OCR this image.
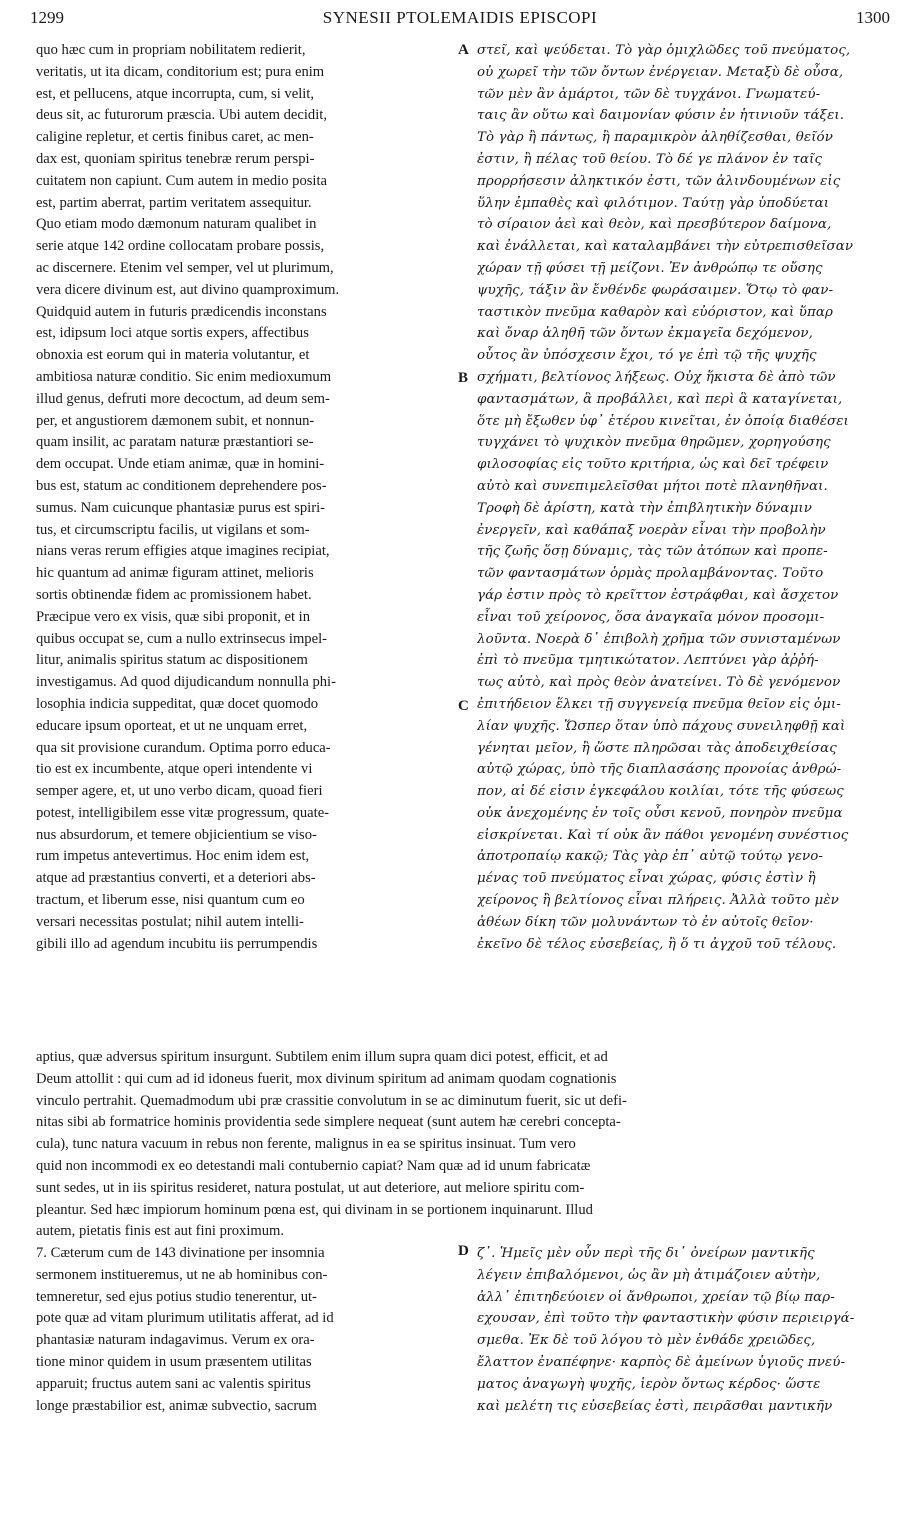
1299	SYNESII PTOLEMAIDIS EPISCOPI	1300
quo hæc cum in propriam nobilitatem redierit,
veritatis, ut ita dicam, conditorium est; pura enim
est, et pellucens, atque incorrupta, cum, si velit,
deus sit, ac futurorum præscia. Ubi autem decidit,
caligine repletur, et certis finibus caret, ac men-
dax est, quoniam spiritus tenebræ rerum perspi-
cuitatem non capiunt. Cum autem in medio posita
est, partim aberrat, partim veritatem assequitur.
Quo etiam modo dæmonum naturam qualibet in
serie atque 142 ordine collocatam probare possis,
ac discernere. Etenim vel semper, vel ut plurimum,
vera dicere divinum est, aut divino quamproximum.
Quidquid autem in futuris prædicendis inconstans
est, idipsum loci atque sortis expers, affectibus
obnoxia est eorum qui in materia volutantur, et
ambitiosa naturæ conditio. Sic enim medioxumum
illud genus, defruti more decoctum, ad deum sem-
per, et angustiorem dæmonem subit, et nonnun-
quam insilit, ac paratam naturæ præstantiori se-
dem occupat. Unde etiam animæ, quæ in homini-
bus est, statum ac conditionem deprehendere pos-
sumus. Nam cuicunque phantasiæ purus est spiri-
tus, et circumscriptu facilis, ut vigilans et som-
nians veras rerum effigies atque imagines recipiat,
hic quantum ad animæ figuram attinet, melioris
sortis obtinendæ fidem ac promissionem habet.
Præcipue vero ex visis, quæ sibi proponit, et in
quibus occupat se, cum a nullo extrinsecus impel-
litur, animalis spiritus statum ac dispositionem
investigamus. Ad quod dijudicandum nonnulla phi-
losophia indicia suppeditat, quæ docet quomodo
educare ipsum oporteat, et ut ne unquam erret,
qua sit provisione curandum. Optima porro educa-
tio est ex incumbente, atque operi intendente vi
semper agere, et, ut uno verbo dicam, quoad fieri
potest, intelligibilem esse vitæ progressum, quate-
nus absurdorum, et temere objicientium se viso-
rum impetus antevertimus. Hoc enim idem est,
atque ad præstantius converti, et a deteriori abs-
tractum, et liberum esse, nisi quantum cum eo
versari necessitas postulat; nihil autem intelli-
gibili illo ad agendum incubitu iis perrumpendis
στεῖ, καὶ ψεύδεται. Τὸ γὰρ ὁμιχλῶδες τοῦ πνεύματος,
οὐ χωρεῖ τὴν τῶν ὄντων ἐνέργειαν. Μεταξὺ δὲ οὖσα,
τῶν μὲν ἂν ἁμάρτοι, τῶν δὲ τυγχάνοι. Γνωματεύ-
ταις ἂν οὕτω καὶ δαιμονίαν φύσιν ἐν ἡτινιοῦν τάξει.
Τὸ γὰρ ἢ πάντως, ἢ παραμικρὸν ἀληθίζεσθαι, θεῖόν
ἐστιν, ἢ πέλας τοῦ θείου. Τὸ δέ γε πλάνον ἐν ταῖς
προρρήσεσιν ἀληκτικόν ἐστι, τῶν ἀλινδουμένων εἰς
ὕλην ἐμπαθὲς καὶ φιλότιμον. Ταύτῃ γὰρ ὑποδύεται
τὸ σίραιον ἀεὶ καὶ θεὸν, καὶ πρεσβύτερον δαίμονα,
καὶ ἐνάλλεται, καὶ καταλαμβάνει τὴν εὐτρεπισθεῖσαν
χώραν τῇ φύσει τῇ μείζονι. Ἐν ἀνθρώπῳ τε οὔσης
ψυχῆς, τάξιν ἂν ἔνθένδε φωράσαιμεν. Ὅτῳ τὸ φαν-
ταστικὸν πνεῦμα καθαρὸν καὶ εὐόριστον, καὶ ὕπαρ
καὶ ὄναρ ἀληθῆ τῶν ὄντων ἐκμαγεῖα δεχόμενον,
οὗτος ἂν ὑπόσχεσιν ἔχοι, τό γε ἐπὶ τῷ τῆς ψυχῆς
σχήματι, βελτίονος λήξεως. Οὐχ ἥκιστα δὲ ἀπὸ τῶν
φαντασμάτων, ἃ προβάλλει, καὶ περὶ ἃ καταγίνεται,
ὅτε μὴ ἔξωθεν ὑφ᾽ ἑτέρου κινεῖται, ἐν ὁποίᾳ διαθέσει
τυγχάνει τὸ ψυχικὸν πνεῦμα θηρῶμεν, χορηγούσης
φιλοσοφίας εἰς τοῦτο κριτήρια, ὡς καὶ δεῖ τρέφειν
αὐτὸ καὶ συνεπιμελεῖσθαι μήτοι ποτὲ πλανηθῆναι.
Τροφὴ δὲ ἀρίστη, κατὰ τὴν ἐπιβλητικὴν δύναμιν
ἐνεργεῖν, καὶ καθάπαξ νοερὰν εἶναι τὴν προβολὴν
τῆς ζωῆς ὅσῃ δύναμις, τὰς τῶν ἀτόπων καὶ προπε-
τῶν φαντασμάτων ὁρμὰς προλαμβάνοντας. Τοῦτο
γάρ ἐστιν πρὸς τὸ κρεῖττον ἐστράφθαι, καὶ ἄσχετον
εἶναι τοῦ χείρονος, ὅσα ἀναγκαῖα μόνον προσομι-
λοῦντα. Νοερὰ δ᾽ ἐπιβολὴ χρῆμα τῶν συνισταμένων
ἐπὶ τὸ πνεῦμα τμητικώτατον. Λεπτύνει γὰρ ἀῤῥή-
τως αὐτὸ, καὶ πρὸς θεὸν ἀνατείνει. Τὸ δὲ γενόμενον
ἐπιτήδειον ἕλκει τῇ συγγενείᾳ πνεῦμα θεῖον εἰς ὁμι-
λίαν ψυχῆς. Ὥσπερ ὅταν ὑπὸ πάχους συνειληφθῇ καὶ
γένηται μεῖον, ἢ ὥστε πληρῶσαι τὰς ἀποδειχθείσας
αὐτῷ χώρας, ὑπὸ τῆς διαπλασάσης προνοίας ἀνθρώ-
πον, αἱ δέ εἰσιν ἐγκεφάλου κοιλίαι, τότε τῆς φύσεως
οὐκ ἀνεχομένης ἐν τοῖς οὖσι κενοῦ, πονηρὸν πνεῦμα
εἰσκρίνεται. Καὶ τί οὐκ ἂν πάθοι γενομένη συνέστιος
ἀποτροπαίῳ κακῷ; Τὰς γὰρ ἐπ᾽ αὐτῷ τούτῳ γενο-
μένας τοῦ πνεύματος εἶναι χώρας, φύσις ἐστὶν ἢ
χείρονος ἢ βελτίονος εἶναι πλήρεις. Ἀλλὰ τοῦτο μὲν
ἀθέων δίκη τῶν μολυνάντων τὸ ἐν αὐτοῖς θεῖον·
ἐκεῖνο δὲ τέλος εὐσεβείας, ἢ ὅ τι ἀγχοῦ τοῦ τέλους.
A
B
C
D
aptius, quæ adversus spiritum insurgunt. Subtilem enim illum supra quam dici potest, efficit, et ad
Deum attollit : qui cum ad id idoneus fuerit, mox divinum spiritum ad animam quodam cognationis
vinculo pertrahit. Quemadmodum ubi præ crassitie convolutum in se ac diminutum fuerit, sic ut defi-
nitas sibi ab formatrice hominis providentia sede simplere nequeat (sunt autem hæ cerebri concepta-
cula), tunc natura vacuum in rebus non ferente, malignus in ea se spiritus insinuat. Tum vero
quid non incommodi ex eo detestandi mali contubernio capiat? Nam quæ ad id unum fabricatæ
sunt sedes, ut in iis spiritus resideret, natura postulat, ut aut deteriore, aut meliore spiritu com-
pleantur. Sed hæc impiorum hominum pœna est, qui divinam in se portionem inquinarunt. Illud
autem, pietatis finis est aut fini proximum.
7. Cæterum cum de 143 divinatione per insomnia
sermonem institueremus, ut ne ab hominibus con-
temneretur, sed ejus potius studio tenerentur, ut-
pote quæ ad vitam plurimum utilitatis afferat, ad id
phantasiæ naturam indagavimus. Verum ex ora-
tione minor quidem in usum præsentem utilitas
apparuit; fructus autem sani ac valentis spiritus
longe præstabilior est, animæ subvectio, sacrum
ζ᾽. Ἡμεῖς μὲν οὖν περὶ τῆς δι᾽ ὀνείρων μαντικῆς
λέγειν ἐπιβαλόμενοι, ὡς ἂν μὴ ἀτιμάζοιεν αὐτὴν,
ἀλλ᾽ ἐπιτηδεύοιεν οἱ ἄνθρωποι, χρείαν τῷ βίῳ παρ-
εχουσαν, ἐπὶ τοῦτο τὴν φανταστικὴν φύσιν περιειργά-
σμεθα. Ἐκ δὲ τοῦ λόγου τὸ μὲν ἐνθάδε χρειῶδες,
ἔλαττον ἐναπέφηνε· καρπὸς δὲ ἀμείνων ὑγιοῦς πνεύ-
ματος ἀναγωγὴ ψυχῆς, ἱερὸν ὄντως κέρδος· ὥστε
καὶ μελέτη τις εὐσεβείας ἐστὶ, πειρᾶσθαι μαντικῆν
